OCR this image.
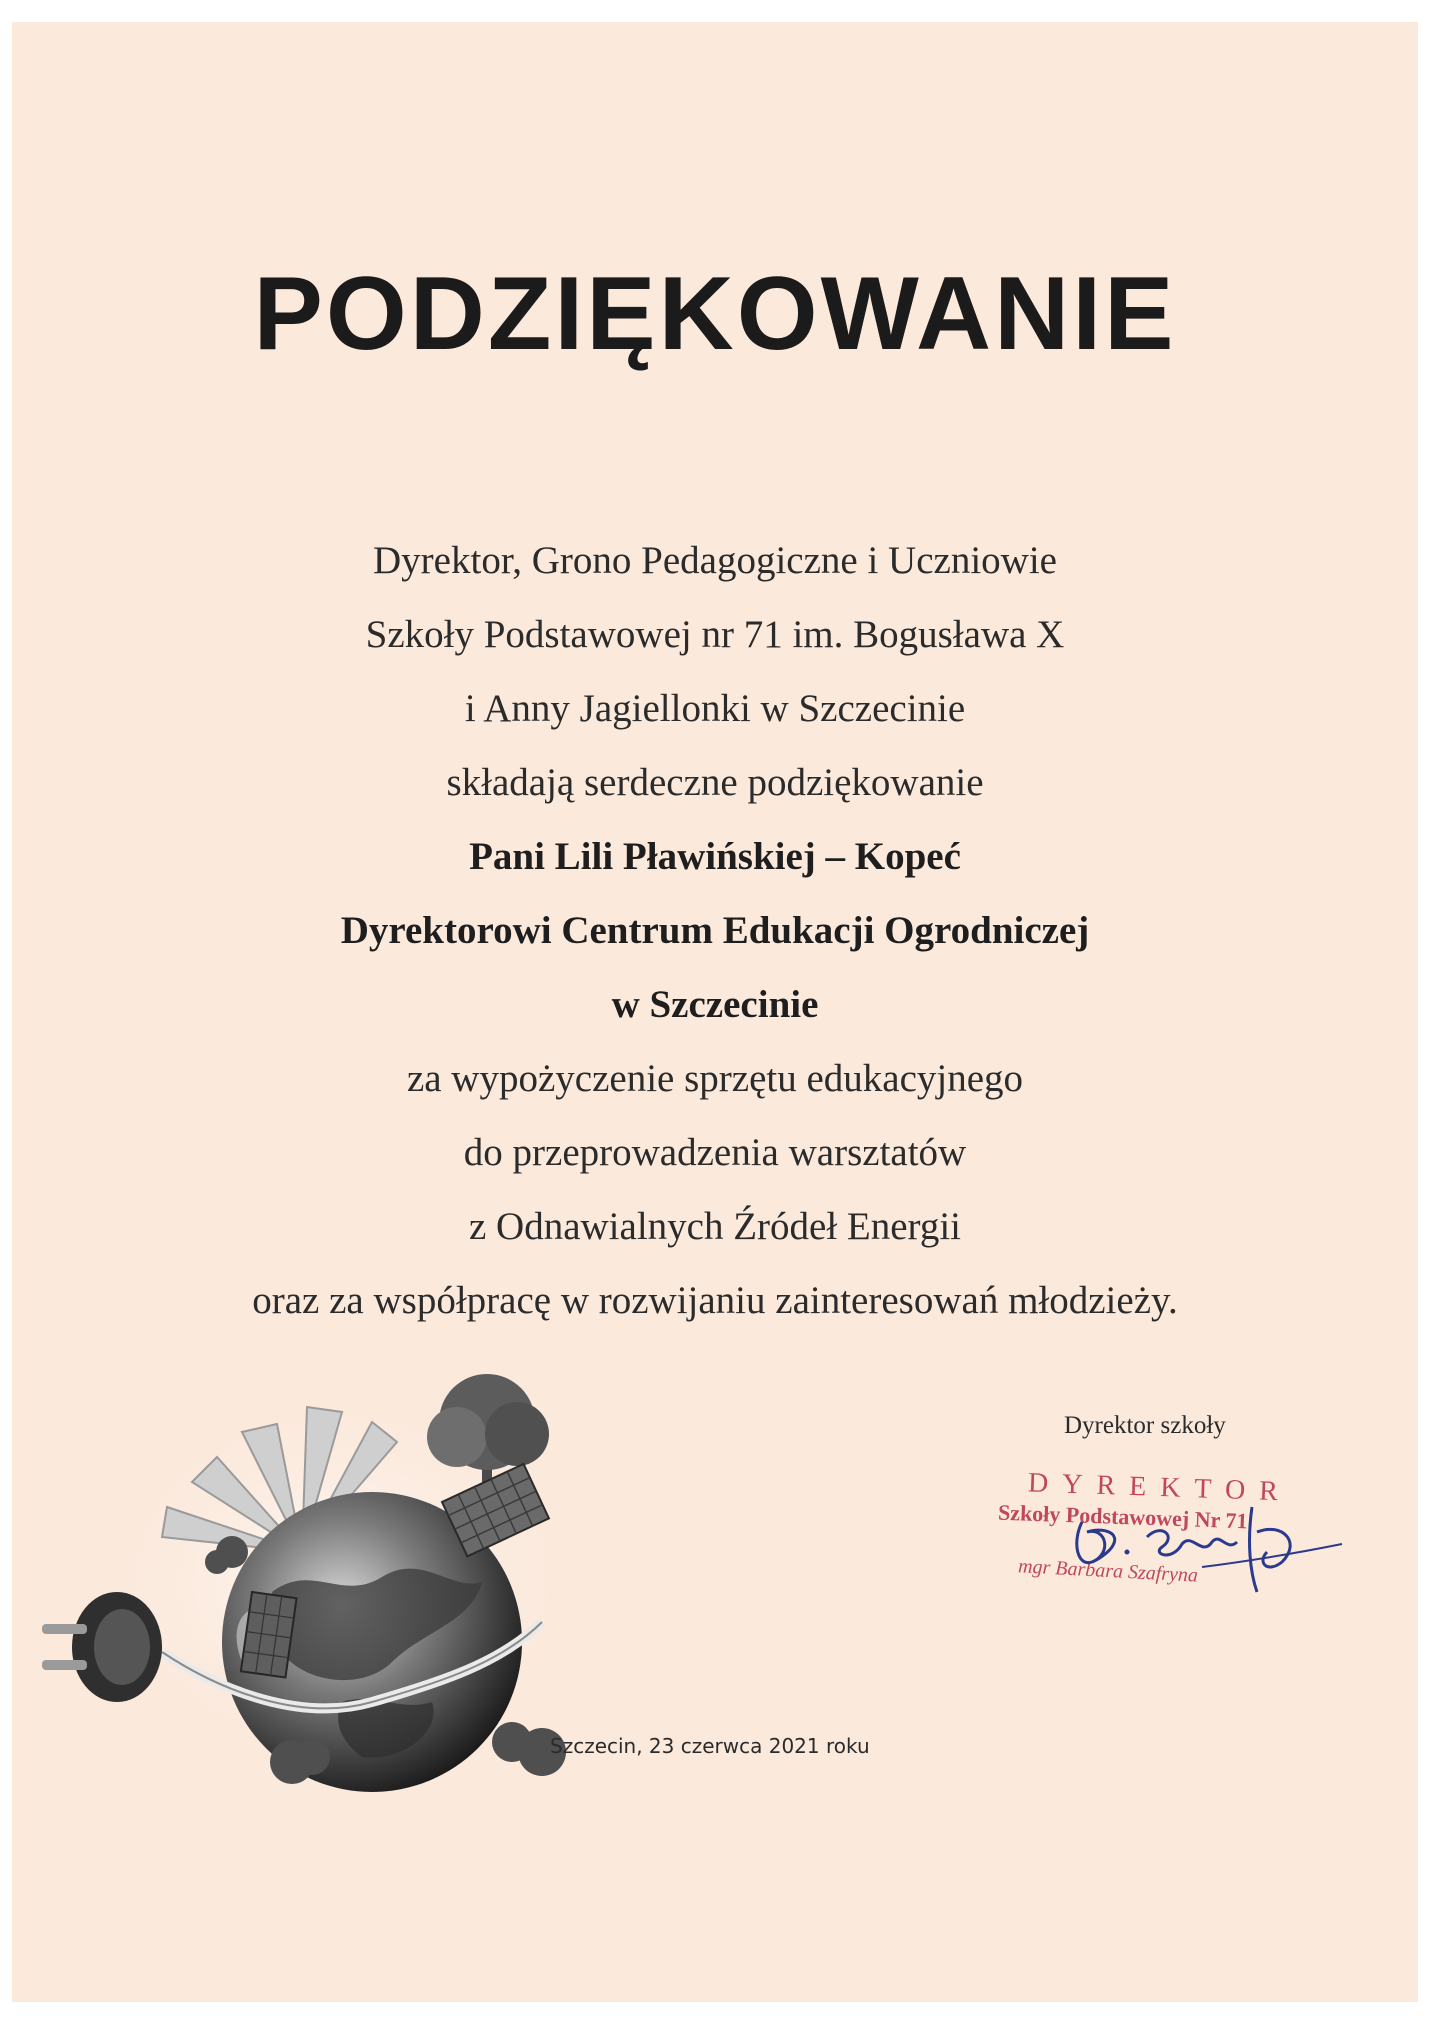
PODZIĘKOWANIE
Dyrektor, Grono Pedagogiczne i Uczniowie
Szkoły Podstawowej nr 71 im. Bogusława X
i Anny Jagiellonki w Szczecinie
składają serdeczne podziękowanie
Pani Lili Pławińskiej – Kopeć
Dyrektorowi Centrum Edukacji Ogrodniczej
w Szczecinie
za wypożyczenie sprzętu edukacyjnego
do przeprowadzenia warsztatów
z Odnawialnych Źródeł Energii
oraz za współpracę w rozwijaniu zainteresowań młodzieży.
Dyrektor szkoły
DYREKTOR
Szkoły Podstawowej Nr 71
mgr Barbara Szafryna
Szczecin, 23 czerwca 2021 roku
